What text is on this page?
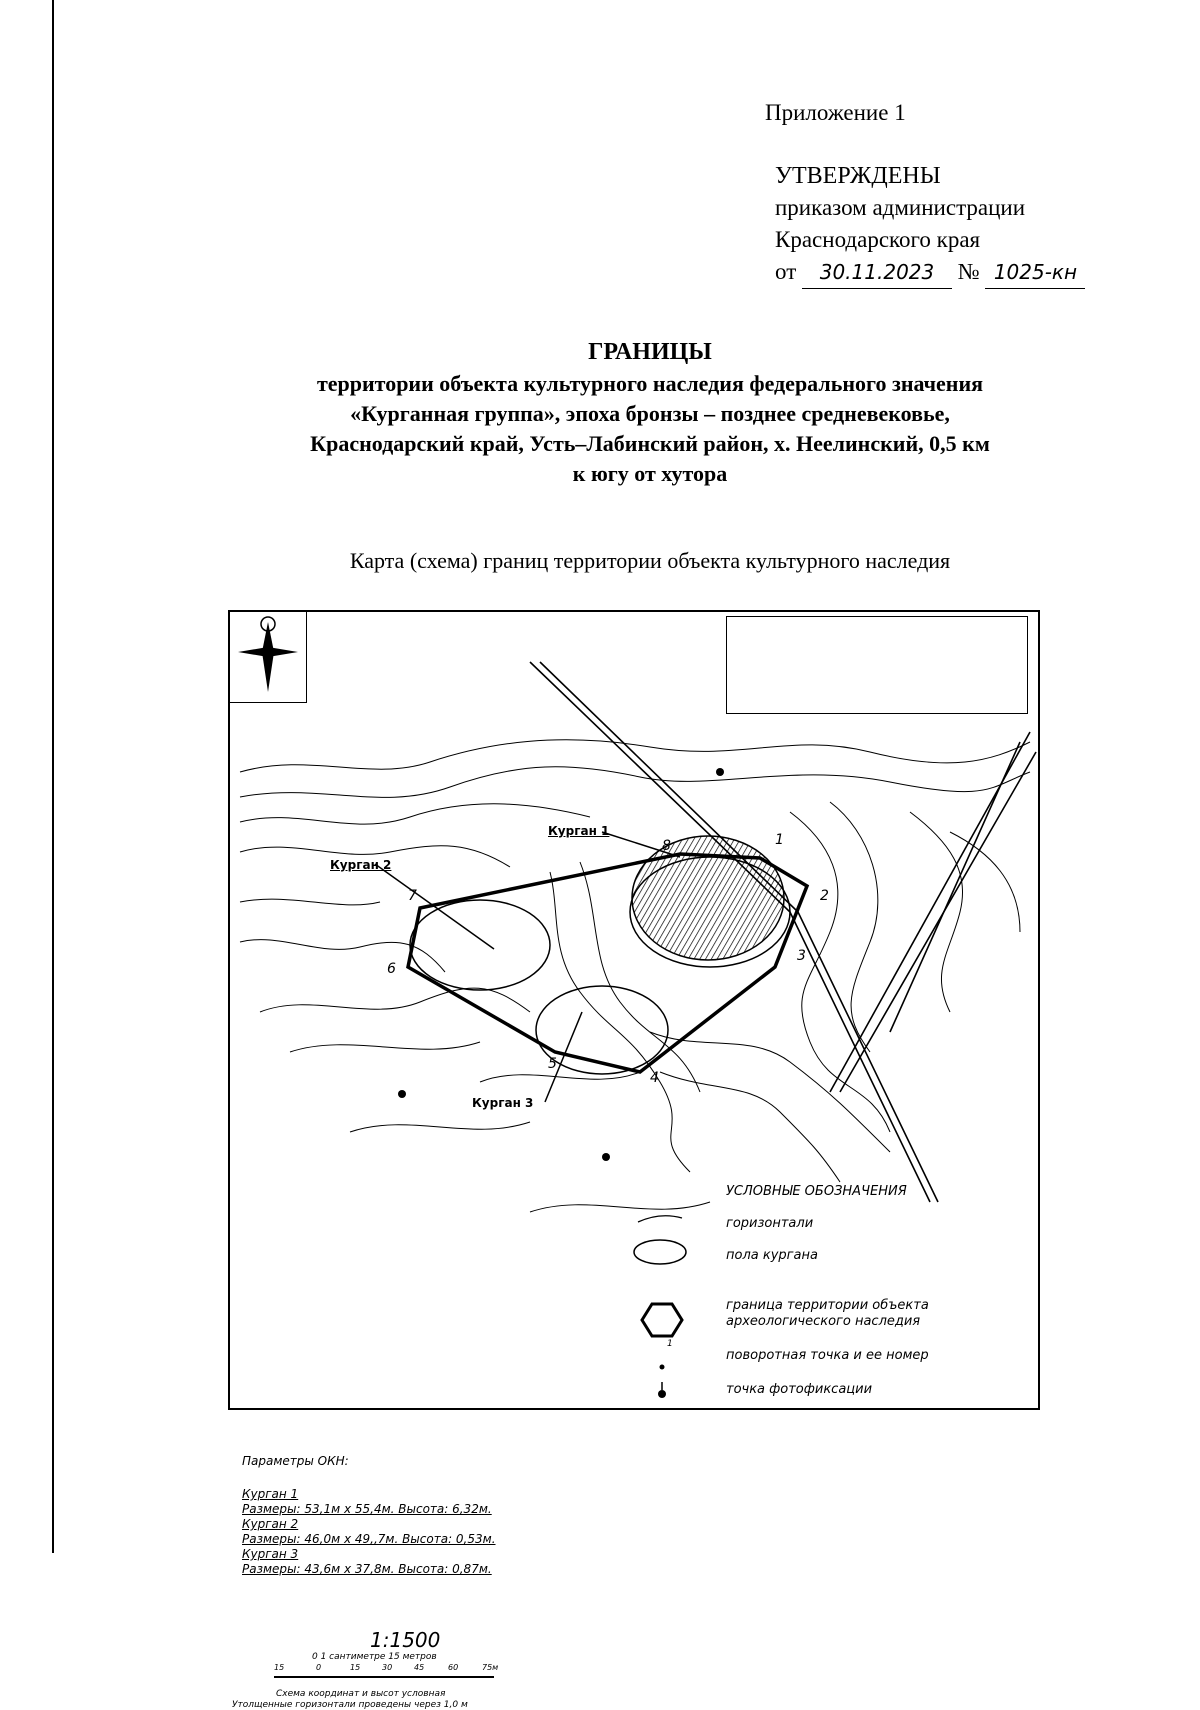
Приложение 1
УТВЕРЖДЕНЫ
приказом администрации
Краснодарского края
от 30.11.2023 № 1025-кн
ГРАНИЦЫ
территории объекта культурного наследия федерального значения
«Курганная группа», эпоха бронзы – позднее средневековье,
Краснодарский край, Усть–Лабинский район, х. Неелинский, 0,5 км
к югу от хутора
Карта (схема) границ территории объекта культурного наследия
Курган 1
Курган 2
Курган 3
1
2
3
4
5
6
7
8
Параметры ОКН:
Курган 1
Размеры: 53,1м х 55,4м. Высота: 6,32м.
Курган 2
Размеры: 46,0м х 49,,7м. Высота: 0,53м.
Курган 3
Размеры: 43,6м х 37,8м. Высота: 0,87м.
1:1500
0 1 сантиметре 15 метров
15	0	15	30	45	60	75м
Схема координат и высот условная
Утолщенные горизонтали проведены через 1,0 м
УСЛОВНЫЕ ОБОЗНАЧЕНИЯ
горизонтали
пола кургана
граница территории объекта
археологического наследия
1
поворотная точка и ее номер
точка фотофиксации
